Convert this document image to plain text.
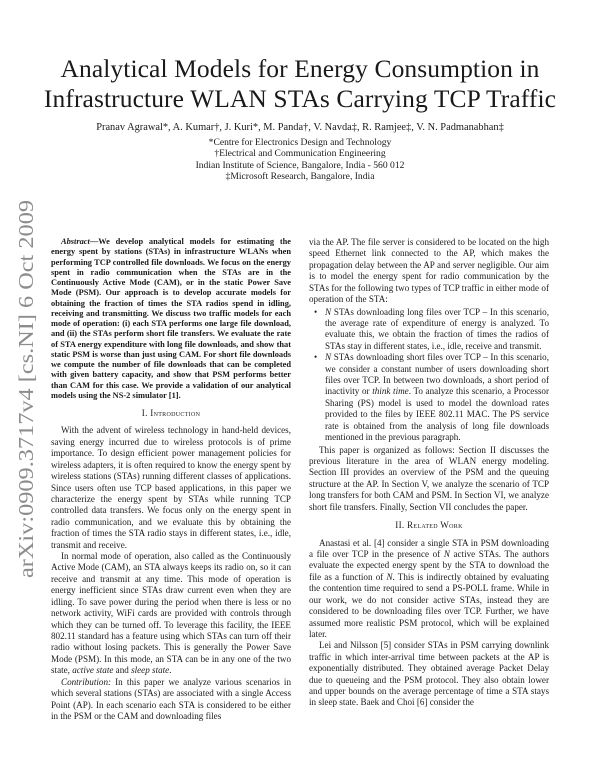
arXiv:0909.3717v4 [cs.NI] 6 Oct 2009
Analytical Models for Energy Consumption in
Infrastructure WLAN STAs Carrying TCP Traffic
Pranav Agrawal*, A. Kumar†, J. Kuri*, M. Panda†, V. Navda‡, R. Ramjee‡, V. N. Padmanabhan‡
*Centre for Electronics Design and Technology
†Electrical and Communication Engineering
Indian Institute of Science, Bangalore, India - 560 012
‡Microsoft Research, Bangalore, India

Abstract—We develop analytical models for estimating the energy spent by stations (STAs) in infrastructure WLANs when performing TCP controlled file downloads. We focus on the energy spent in radio communication when the STAs are in the Continuously Active Mode (CAM), or in the static Power Save Mode (PSM). Our approach is to develop accurate models for obtaining the fraction of times the STA radios spend in idling, receiving and transmitting. We discuss two traffic models for each mode of operation: (i) each STA performs one large file download, and (ii) the STAs perform short file transfers. We evaluate the rate of STA energy expenditure with long file downloads, and show that static PSM is worse than just using CAM. For short file downloads we compute the number of file downloads that can be completed with given battery capacity, and show that PSM performs better than CAM for this case. We provide a validation of our analytical models using the NS-2 simulator [1].

I. Introduction

With the advent of wireless technology in hand-held devices, saving energy incurred due to wireless protocols is of prime importance. To design efficient power management policies for wireless adapters, it is often required to know the energy spent by wireless stations (STAs) running different classes of applications. Since users often use TCP based applications, in this paper we characterize the energy spent by STAs while running TCP controlled data transfers. We focus only on the energy spent in radio communication, and we evaluate this by obtaining the fraction of times the STA radio stays in different states, i.e., idle, transmit and receive.

In normal mode of operation, also called as the Continuously Active Mode (CAM), an STA always keeps its radio on, so it can receive and transmit at any time. This mode of operation is energy inefficient since STAs draw current even when they are idling. To save power during the period when there is less or no network activity, WiFi cards are provided with controls through which they can be turned off. To leverage this facility, the IEEE 802.11 standard has a feature using which STAs can turn off their radio without losing packets. This is generally the Power Save Mode (PSM). In this mode, an STA can be in any one of the two state, active state and sleep state.

Contribution: In this paper we analyze various scenarios in which several stations (STAs) are associated with a single Access Point (AP). In each scenario each STA is considered to be either in the PSM or the CAM and downloading files

via the AP. The file server is considered to be located on the high speed Ethernet link connected to the AP, which makes the propagation delay between the AP and server negligible. Our aim is to model the energy spent for radio communication by the STAs for the following two types of TCP traffic in either mode of operation of the STA:

• N STAs downloading long files over TCP – In this scenario, the average rate of expenditure of energy is analyzed. To evaluate this, we obtain the fraction of times the radios of STAs stay in different states, i.e., idle, receive and transmit.
• N STAs downloading short files over TCP – In this scenario, we consider a constant number of users downloading short files over TCP. In between two downloads, a short period of inactivity or think time. To analyze this scenario, a Processor Sharing (PS) model is used to model the download rates provided to the files by IEEE 802.11 MAC. The PS service rate is obtained from the analysis of long file downloads mentioned in the previous paragraph.

This paper is organized as follows: Section II discusses the previous literature in the area of WLAN energy modeling. Section III provides an overview of the PSM and the queuing structure at the AP. In Section V, we analyze the scenario of TCP long transfers for both CAM and PSM. In Section VI, we analyze short file transfers. Finally, Section VII concludes the paper.

II. Related Work

Anastasi et al. [4] consider a single STA in PSM downloading a file over TCP in the presence of N active STAs. The authors evaluate the expected energy spent by the STA to download the file as a function of N. This is indirectly obtained by evaluating the contention time required to send a PS-POLL frame. While in our work, we do not consider active STAs, instead they are considered to be downloading files over TCP. Further, we have assumed more realistic PSM protocol, which will be explained later.

Lei and Nilsson [5] consider STAs in PSM carrying downlink traffic in which inter-arrival time between packets at the AP is exponentially distributed. They obtained average Packet Delay due to queueing and the PSM protocol. They also obtain lower and upper bounds on the average percentage of time a STA stays in sleep state. Baek and Choi [6] consider the
